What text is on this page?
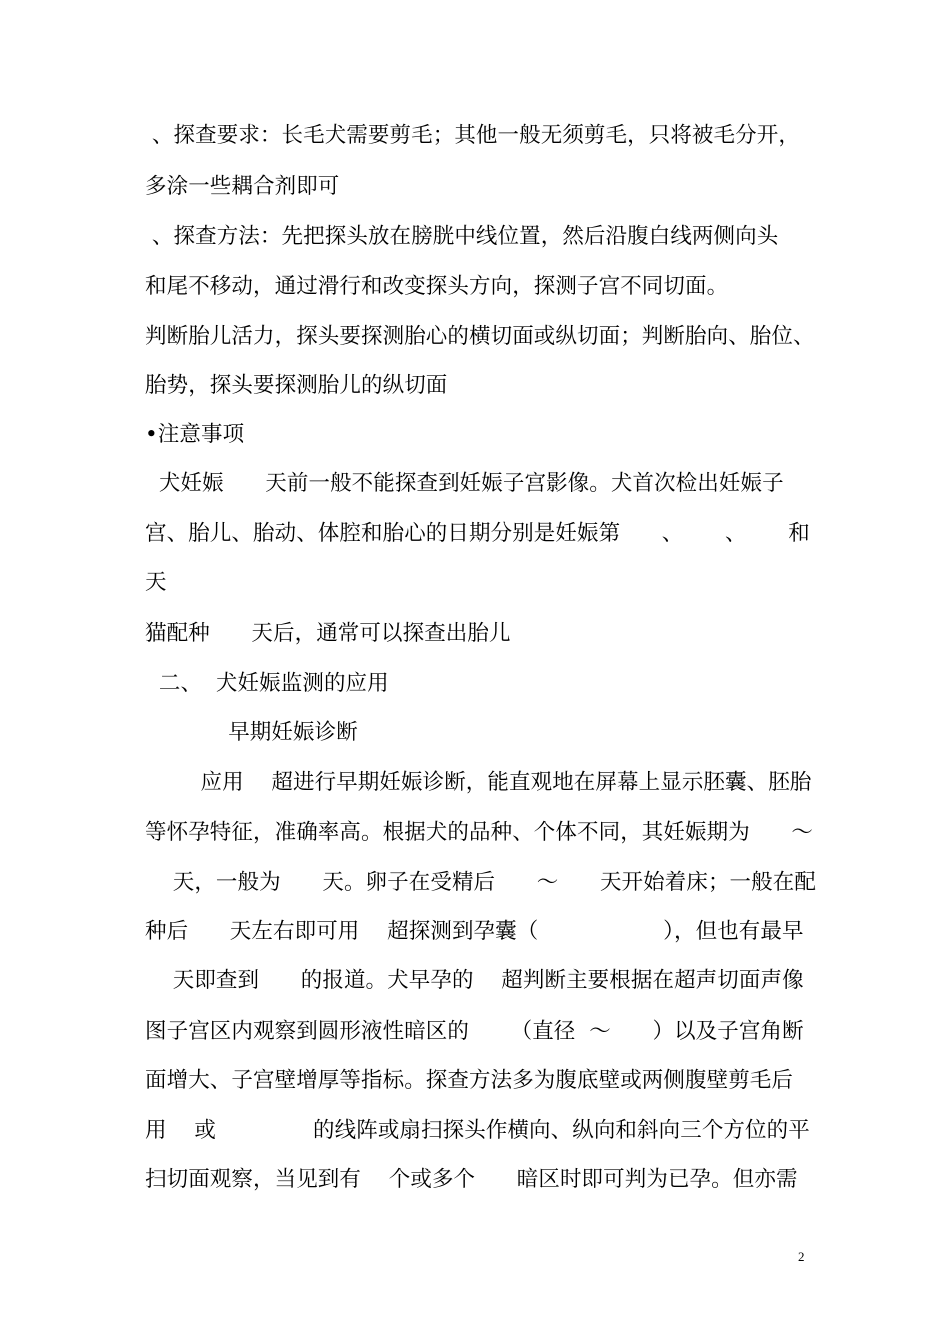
、探查要求：长毛犬需要剪毛；其他一般无须剪毛，只将被毛分开，

多涂一些耦合剂即可

、探查方法：先把探头放在膀胱中线位置，然后沿腹白线两侧向头

和尾不移动，通过滑行和改变探头方向，探测子宫不同切面。

判断胎儿活力，探头要探测胎心的横切面或纵切面；判断胎向、胎位、

胎势，探头要探测胎儿的纵切面

•注意事项

犬妊娠      天前一般不能探查到妊娠子宫影像。犬首次检出妊娠子

宫、胎儿、胎动、体腔和胎心的日期分别是妊娠第      、      、      和

天

猫配种      天后，通常可以探查出胎儿

二、  犬妊娠监测的应用

早期妊娠诊断

应用    超进行早期妊娠诊断，能直观地在屏幕上显示胚囊、胚胎

等怀孕特征，准确率高。根据犬的品种、个体不同，其妊娠期为      ～

天，一般为      天。卵子在受精后      ～      天开始着床；一般在配

种后      天左右即可用    超探测到孕囊（                  ），但也有最早

天即查到      的报道。犬早孕的    超判断主要根据在超声切面声像

图子宫区内观察到圆形液性暗区的      （直径  ～      ）以及子宫角断

面增大、子宫壁增厚等指标。探查方法多为腹底壁或两侧腹壁剪毛后

用    或              的线阵或扇扫探头作横向、纵向和斜向三个方位的平

扫切面观察，当见到有    个或多个      暗区时即可判为已孕。但亦需

2
